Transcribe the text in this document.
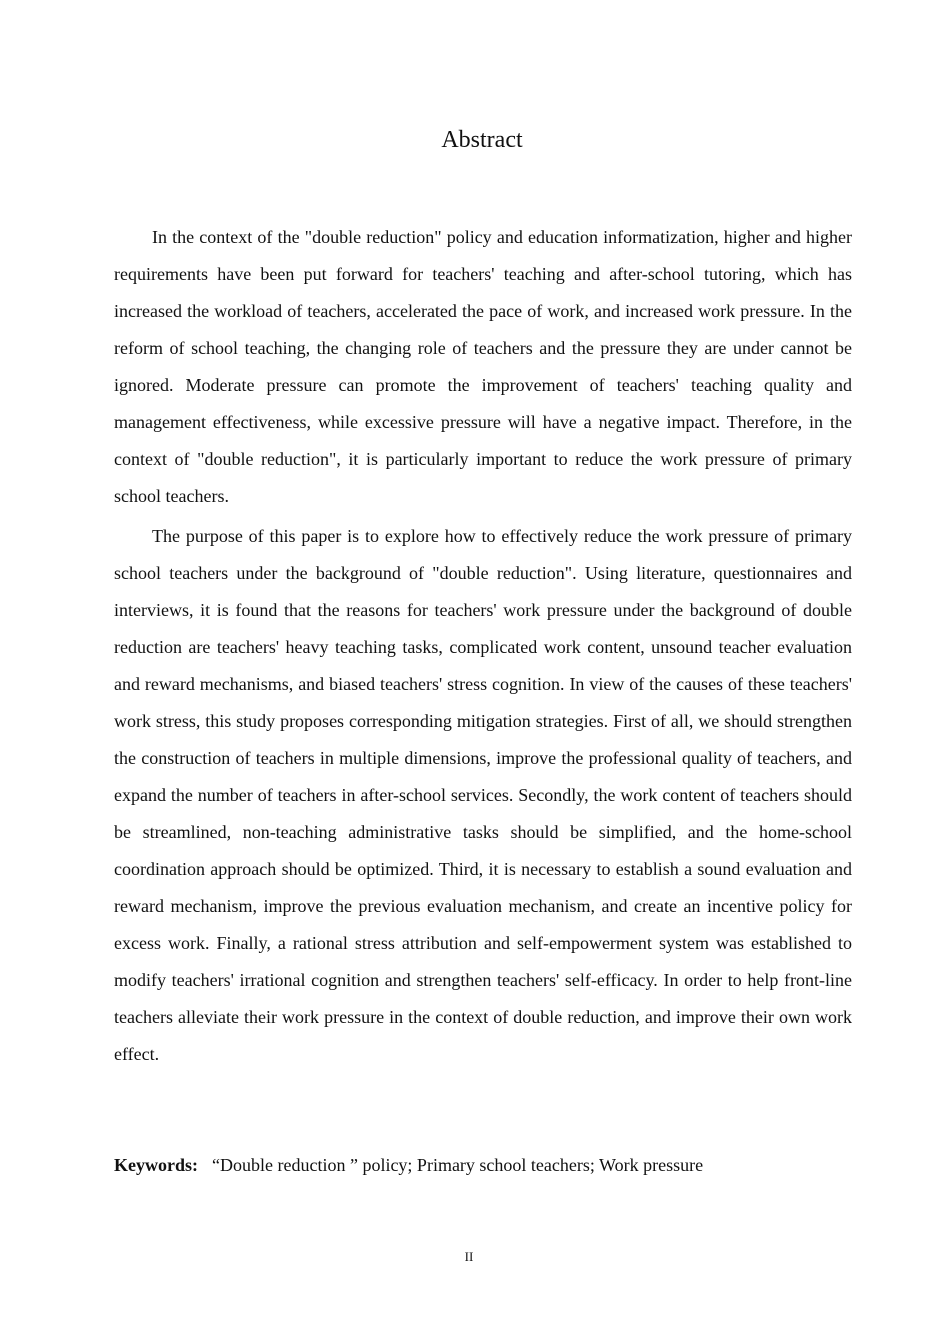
Abstract

In the context of the "double reduction" policy and education informatization, higher and higher requirements have been put forward for teachers' teaching and after-school tutoring, which has increased the workload of teachers, accelerated the pace of work, and increased work pressure. In the reform of school teaching, the changing role of teachers and the pressure they are under cannot be ignored. Moderate pressure can promote the improvement of teachers' teaching quality and management effectiveness, while excessive pressure will have a negative impact. Therefore, in the context of "double reduction", it is particularly important to reduce the work pressure of primary school teachers.

The purpose of this paper is to explore how to effectively reduce the work pressure of primary school teachers under the background of "double reduction". Using literature, questionnaires and interviews, it is found that the reasons for teachers' work pressure under the background of double reduction are teachers' heavy teaching tasks, complicated work content, unsound teacher evaluation and reward mechanisms, and biased teachers' stress cognition. In view of the causes of these teachers' work stress, this study proposes corresponding mitigation strategies. First of all, we should strengthen the construction of teachers in multiple dimensions, improve the professional quality of teachers, and expand the number of teachers in after-school services. Secondly, the work content of teachers should be streamlined, non-teaching administrative tasks should be simplified, and the home-school coordination approach should be optimized. Third, it is necessary to establish a sound evaluation and reward mechanism, improve the previous evaluation mechanism, and create an incentive policy for excess work. Finally, a rational stress attribution and self-empowerment system was established to modify teachers' irrational cognition and strengthen teachers' self-efficacy. In order to help front-line teachers alleviate their work pressure in the context of double reduction, and improve their own work effect.

Keywords: “Double reduction ” policy; Primary school teachers; Work pressure
II
